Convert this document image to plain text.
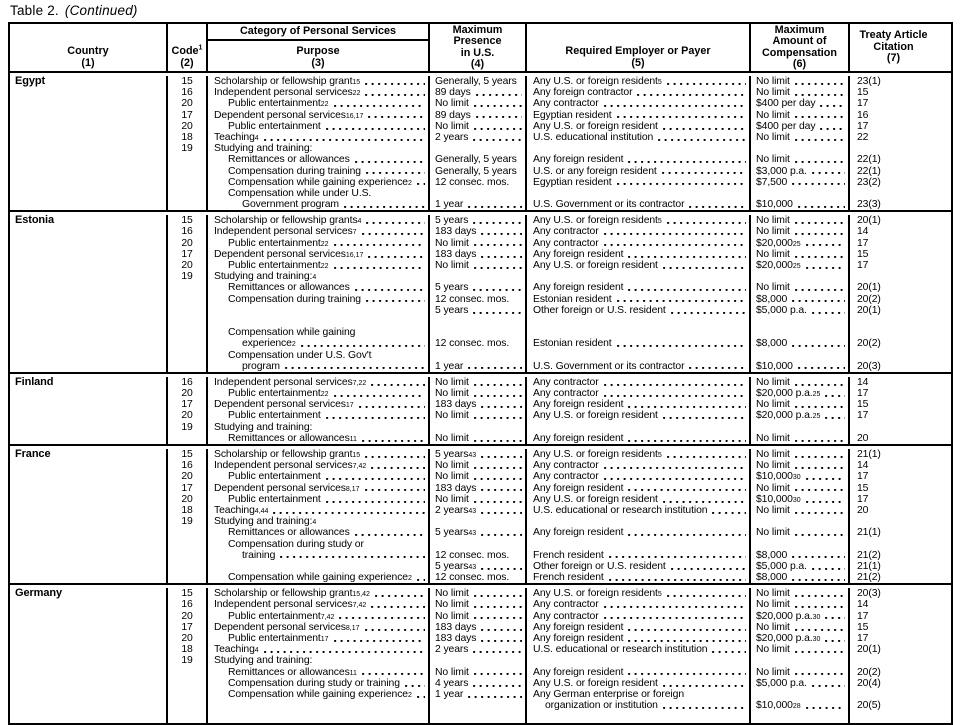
Table 2. (Continued)
Country
(1)
Code$^1$
(2)
Category of Personal Services
Purpose
(3)
Maximum
Presence
in U.S.
(4)
Required Employer or Payer
(5)
Maximum
Amount of
Compensation
(6)
Treaty Article
Citation
(7)
Egypt	15	Scholarship or fellowship grant 15	Generally, 5 years	Any U.S. or foreign resident 5	No limit	23(1)
16	Independent personal services 22	89 days	Any foreign contractor	No limit	15
20	Public entertainment 22	No limit	Any contractor	$400 per day	17
17	Dependent personal services 16,17	89 days	Egyptian resident	No limit	16
20	Public entertainment	No limit	Any U.S. or foreign resident	$400 per day	17
18	Teaching 4	2 years	U.S. educational institution	No limit	22
19	Studying and training:
Remittances or allowances	Generally, 5 years	Any foreign resident	No limit	22(1)
Compensation during training	Generally, 5 years	U.S. or any foreign resident	$3,000 p.a.	22(1)
Compensation while gaining experience 2	12 consec. mos.	Egyptian resident	$7,500	23(2)
Compensation while under U.S.
Government program	1 year	U.S. Government or its contractor	$10,000	23(3)
Estonia	15	Scholarship or fellowship grants 4	5 years	Any U.S. or foreign resident 5	No limit	20(1)
16	Independent personal services 7	183 days	Any contractor	No limit	14
20	Public entertainment 22	No limit	Any contractor	$20,000 25	17
17	Dependent personal services 16,17	183 days	Any foreign resident	No limit	15
20	Public entertainment 22	No limit	Any U.S. or foreign resident	$20,000 25	17
19	Studying and training: 4
Remittances or allowances	5 years	Any foreign resident	No limit	20(1)
Compensation during training	12 consec. mos.	Estonian resident	$8,000	20(2)
5 years	Other foreign or U.S. resident	$5,000 p.a.	20(1)
Compensation while gaining
experience 2	12 consec. mos.	Estonian resident	$8,000	20(2)
Compensation under U.S. Gov't
program	1 year	U.S. Government or its contractor	$10,000	20(3)
Finland	16	Independent personal services 7,22	No limit	Any contractor	No limit	14
20	Public entertainment 22	No limit	Any contractor	$20,000 p.a. 25	17
17	Dependent personal services 17	183 days	Any foreign resident	No limit	15
20	Public entertainment	No limit	Any U.S. or foreign resident	$20,000 p.a. 25	17
19	Studying and training:
Remittances or allowances 11	No limit	Any foreign resident	No limit	20
France	15	Scholarship or fellowship grant 15	5 years 43	Any U.S. or foreign resident 5	No limit	21(1)
16	Independent personal services 7,42	No limit	Any contractor	No limit	14
20	Public entertainment	No limit	Any contractor	$10,000 30	17
17	Dependent personal services 8,17	183 days	Any foreign resident	No limit	15
20	Public entertainment	No limit	Any U.S. or foreign resident	$10,000 30	17
18	Teaching 4,44	2 years 43	U.S. educational or research institution	No limit	20
19	Studying and training: 4
Remittances or allowances	5 years 43	Any foreign resident	No limit	21(1)
Compensation during study or
training	12 consec. mos.	French resident	$8,000	21(2)
5 years 43	Other foreign or U.S. resident	$5,000 p.a.	21(1)
Compensation while gaining experience 2	12 consec. mos.	French resident	$8,000	21(2)
Germany	15	Scholarship or fellowship grant 15,42	No limit	Any U.S. or foreign resident 5	No limit	20(3)
16	Independent personal services 7,42	No limit	Any contractor	No limit	14
20	Public entertainment 7,42	No limit	Any contractor	$20,000 p.a. 30	17
17	Dependent personal services 8,17	183 days	Any foreign resident	No limit	15
20	Public entertainment 17	183 days	Any foreign resident	$20,000 p.a. 30	17
18	Teaching 4	2 years	U.S. educational or research institution	No limit	20(1)
19	Studying and training:
Remittances or allowances 11	No limit	Any foreign resident	No limit	20(2)
Compensation during study or training	4 years	Any U.S. or foreign resident	$5,000 p.a.	20(4)
Compensation while gaining experience 2	1 year	Any German enterprise or foreign
organization or institution	$10,000 28	20(5)
